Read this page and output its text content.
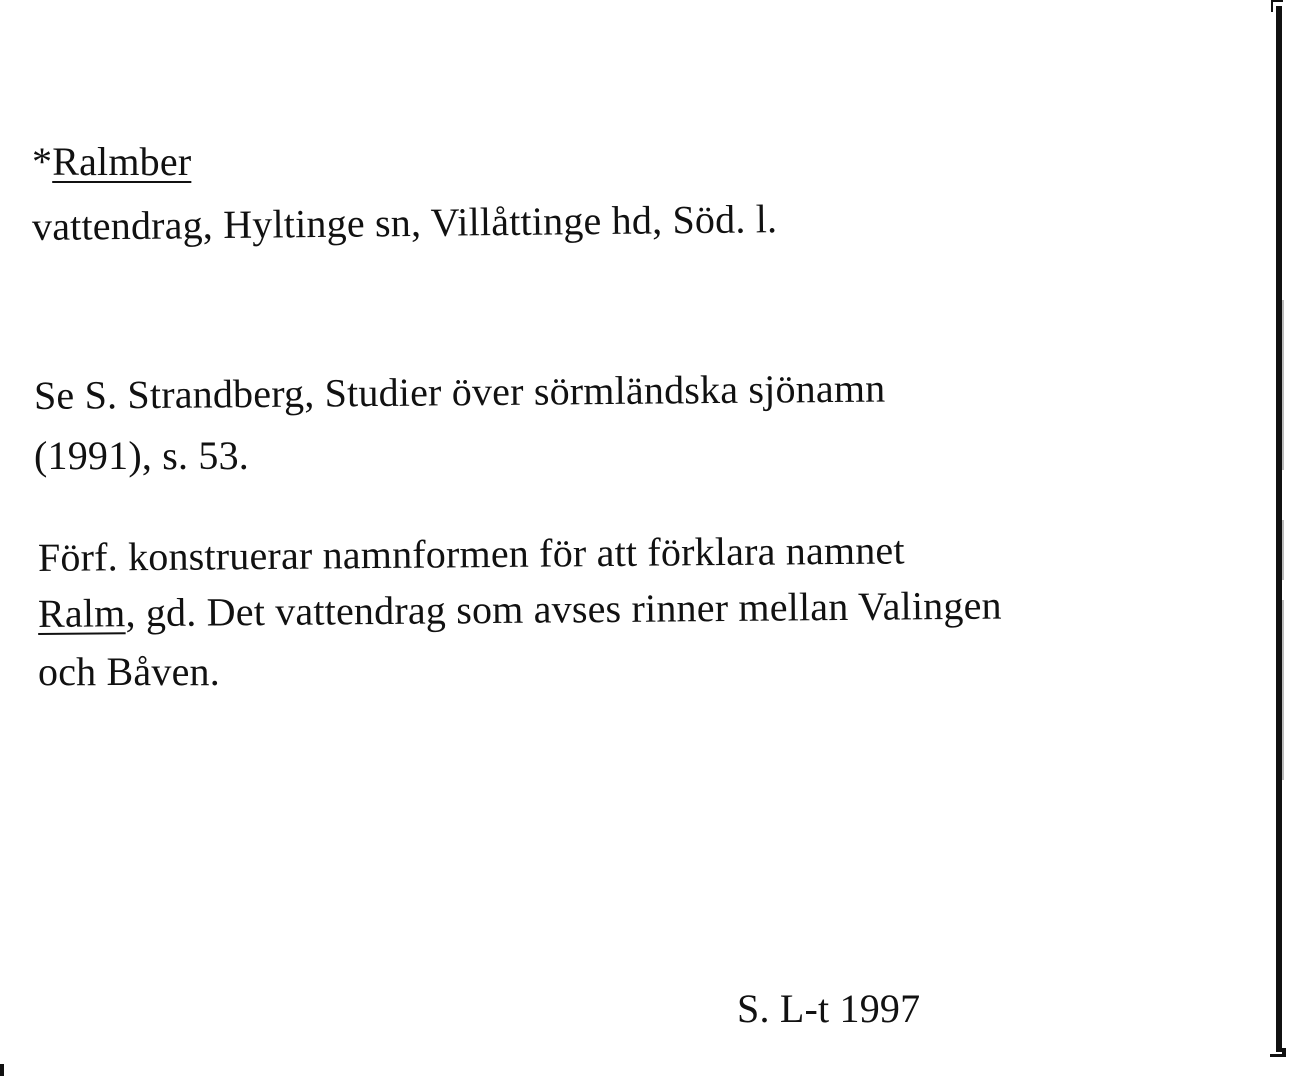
*Ralmber
vattendrag, Hyltinge sn, Villåttinge hd, Söd. l.
Se S. Strandberg, Studier över sörmländska sjönamn
(1991), s. 53.
Förf. konstruerar namnformen för att förklara namnet
Ralm, gd. Det vattendrag som avses rinner mellan Valingen
och Båven.
S. L-t 1997
